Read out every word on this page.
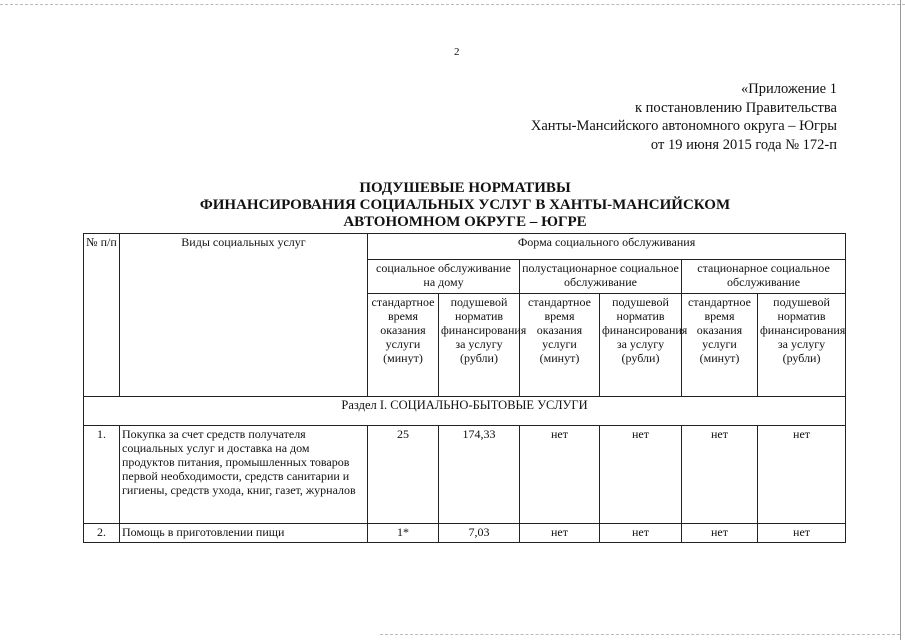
2
«Приложение 1
к постановлению Правительства
Ханты-Мансийского автономного округа – Югры
от 19 июня 2015 года № 172-п
ПОДУШЕВЫЕ НОРМАТИВЫ
ФИНАНСИРОВАНИЯ СОЦИАЛЬНЫХ УСЛУГ В ХАНТЫ-МАНСИЙСКОМ
АВТОНОМНОМ ОКРУГЕ – ЮГРЕ
№ п/п	Виды социальных услуг	Форма социального обслуживания					
		социальное обслуживание на дому		полустационарное социальное обслуживание		стационарное социальное обслуживание	
		стандартное время оказания услуги (минут)	подушевой норматив финансирования за услугу (рубли)	стандартное время оказания услуги (минут)	подушевой норматив финансирования за услугу (рубли)	стандартное время оказания услуги (минут)	подушевой норматив финансирования за услугу (рубли)
Раздел I. СОЦИАЛЬНО-БЫТОВЫЕ УСЛУГИ							
1.	Покупка за счет средств получателя социальных услуг и доставка на дом продуктов питания, промышленных товаров первой необходимости, средств санитарии и гигиены, средств ухода, книг, газет, журналов	25	174,33	нет	нет	нет	нет
2.	Помощь в приготовлении пищи	1*	7,03	нет	нет	нет	нет
